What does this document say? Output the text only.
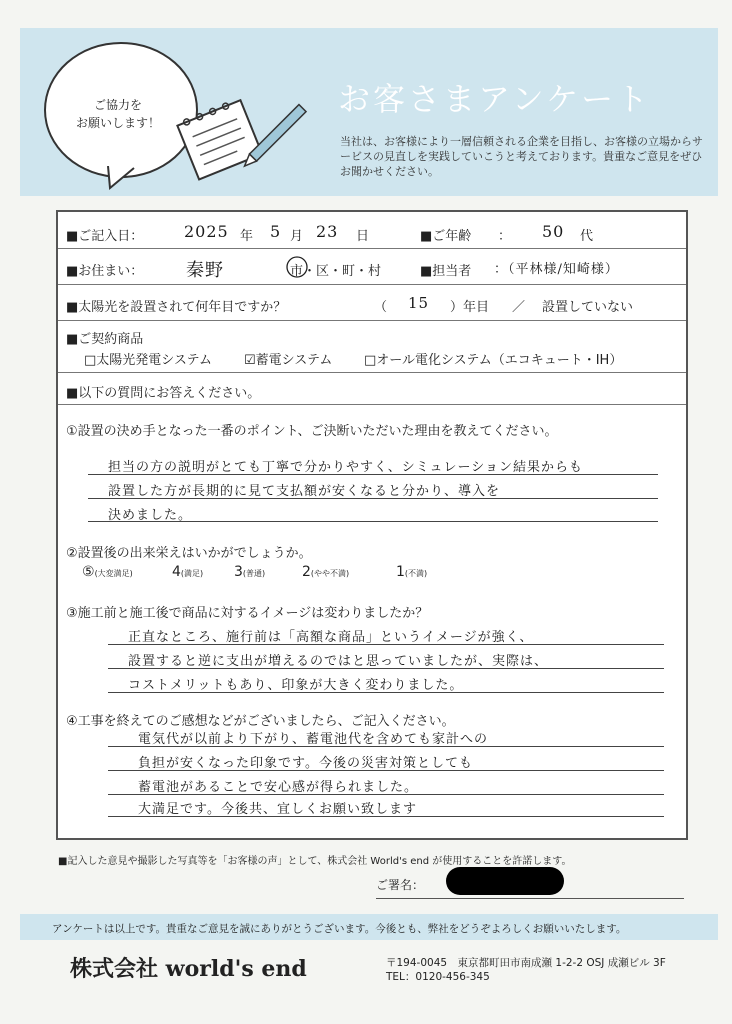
お客さまアンケート
当社は、お客様により一層信頼される企業を目指し、お客様の立場からサービスの見直しを実践していこうと考えております。貴重なご意見をぜひお聞かせください。
ご協力を
お願いします！
■ご記入日：	2025 年 5 月 23 日	■ご年齢 ： 50 代
■お住まい： 秦野	市・区・町・村	■担当者 ：（平林様/知崎様）
■太陽光を設置されて何年目ですか？	（ 15 ）年目 ／ 設置していない
■ご契約商品
□太陽光発電システム ☑蓄電システム □オール電化システム（エコキュート・IH）
■以下の質問にお答えください。
①設置の決め手となった一番のポイント、ご決断いただいた理由を教えてください。
担当の方の説明がとても丁寧で分かりやすく、シミュレーション結果からも
設置した方が長期的に見て支払額が安くなると分かり、導入を
決めました。
②設置後の出来栄えはいかがでしょうか。
⑤(大変満足)	4(満足) 3(普通)	2(やや不満)	1(不満)
③施工前と施工後で商品に対するイメージは変わりましたか？
正直なところ、施行前は「高額な商品」というイメージが強く、
設置すると逆に支出が増えるのではと思っていましたが、実際は、
コストメリットもあり、印象が大きく変わりました。
④工事を終えてのご感想などがございましたら、ご記入ください。
電気代が以前より下がり、蓄電池代を含めても家計への
負担が安くなった印象です。今後の災害対策としても
蓄電池があることで安心感が得られました。
大満足です。今後共、宜しくお願い致します
■記入した意見や撮影した写真等を「お客様の声」として、株式会社 World's end が使用することを許諾します。
ご署名：
アンケートは以上です。貴重なご意見を誠にありがとうございます。今後とも、弊社をどうぞよろしくお願いいたします。
株式会社 world's end	〒194-0045　東京都町田市南成瀬 1-2-2 OSJ 成瀬ビル 3F
TEL：0120-456-345
